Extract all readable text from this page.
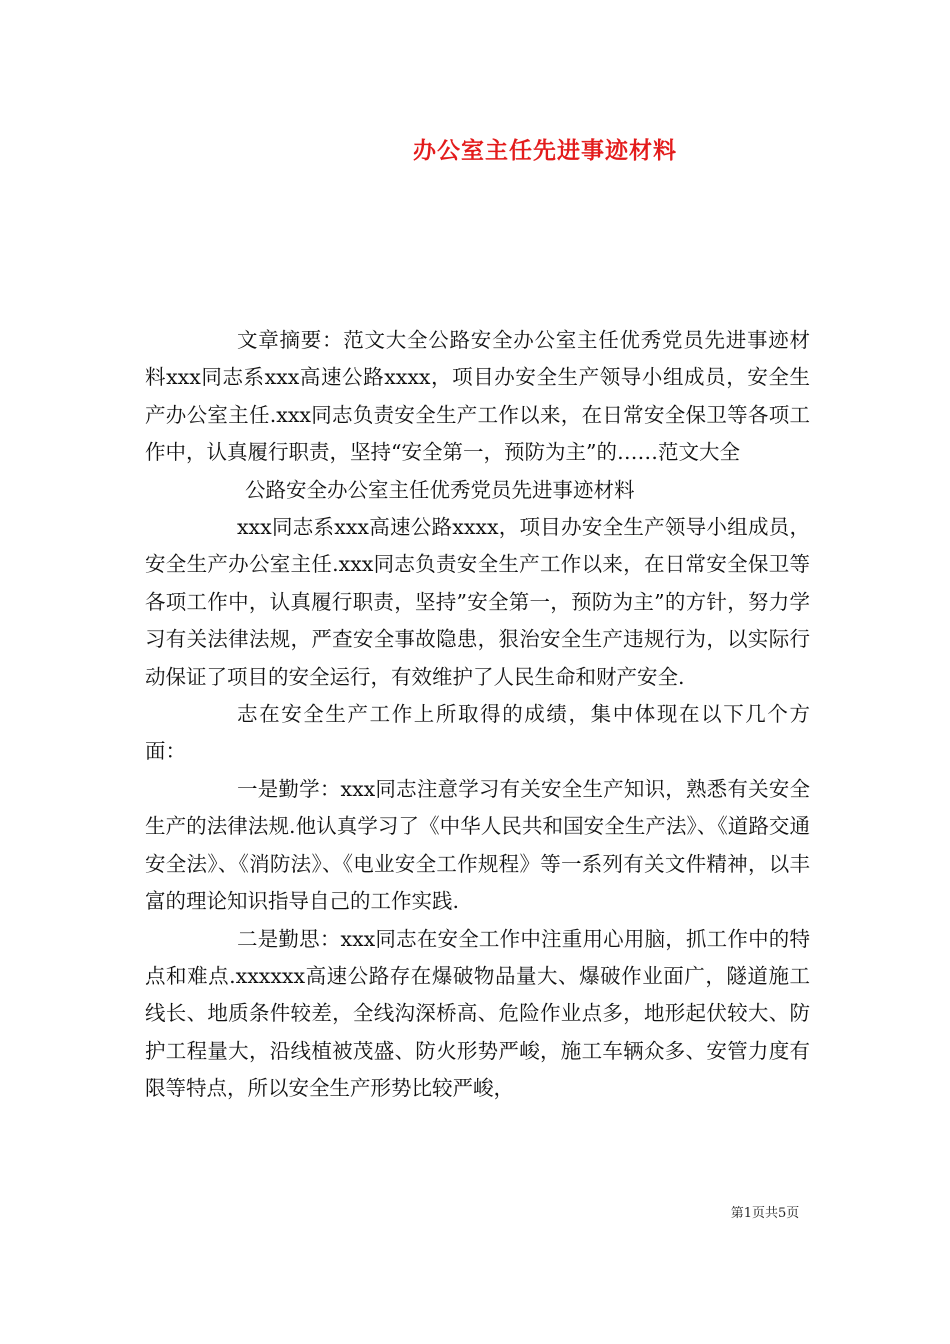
办公室主任先进事迹材料

文章摘要：范文大全公路安全办公室主任优秀党员先进事迹材料xxx同志系xxx高速公路xxxx，项目办安全生产领导小组成员，安全生产办公室主任.xxx同志负责安全生产工作以来，在日常安全保卫等各项工作中，认真履行职责，坚持“安全第一，预防为主”的……范文大全

公路安全办公室主任优秀党员先进事迹材料

xxx同志系xxx高速公路xxxx，项目办安全生产领导小组成员，安全生产办公室主任.xxx同志负责安全生产工作以来，在日常安全保卫等各项工作中，认真履行职责，坚持”安全第一，预防为主”的方针，努力学习有关法律法规，严查安全事故隐患，狠治安全生产违规行为，以实际行动保证了项目的安全运行，有效维护了人民生命和财产安全.

志在安全生产工作上所取得的成绩，集中体现在以下几个方面：

一是勤学：xxx同志注意学习有关安全生产知识，熟悉有关安全生产的法律法规.他认真学习了《中华人民共和国安全生产法》、《道路交通安全法》、《消防法》、《电业安全工作规程》等一系列有关文件精神，以丰富的理论知识指导自己的工作实践.

二是勤思：xxx同志在安全工作中注重用心用脑，抓工作中的特点和难点.xxxxxx高速公路存在爆破物品量大、爆破作业面广，隧道施工线长、地质条件较差，全线沟深桥高、危险作业点多，地形起伏较大、防护工程量大，沿线植被茂盛、防火形势严峻，施工车辆众多、安管力度有限等特点，所以安全生产形势比较严峻，

第1页共5页
